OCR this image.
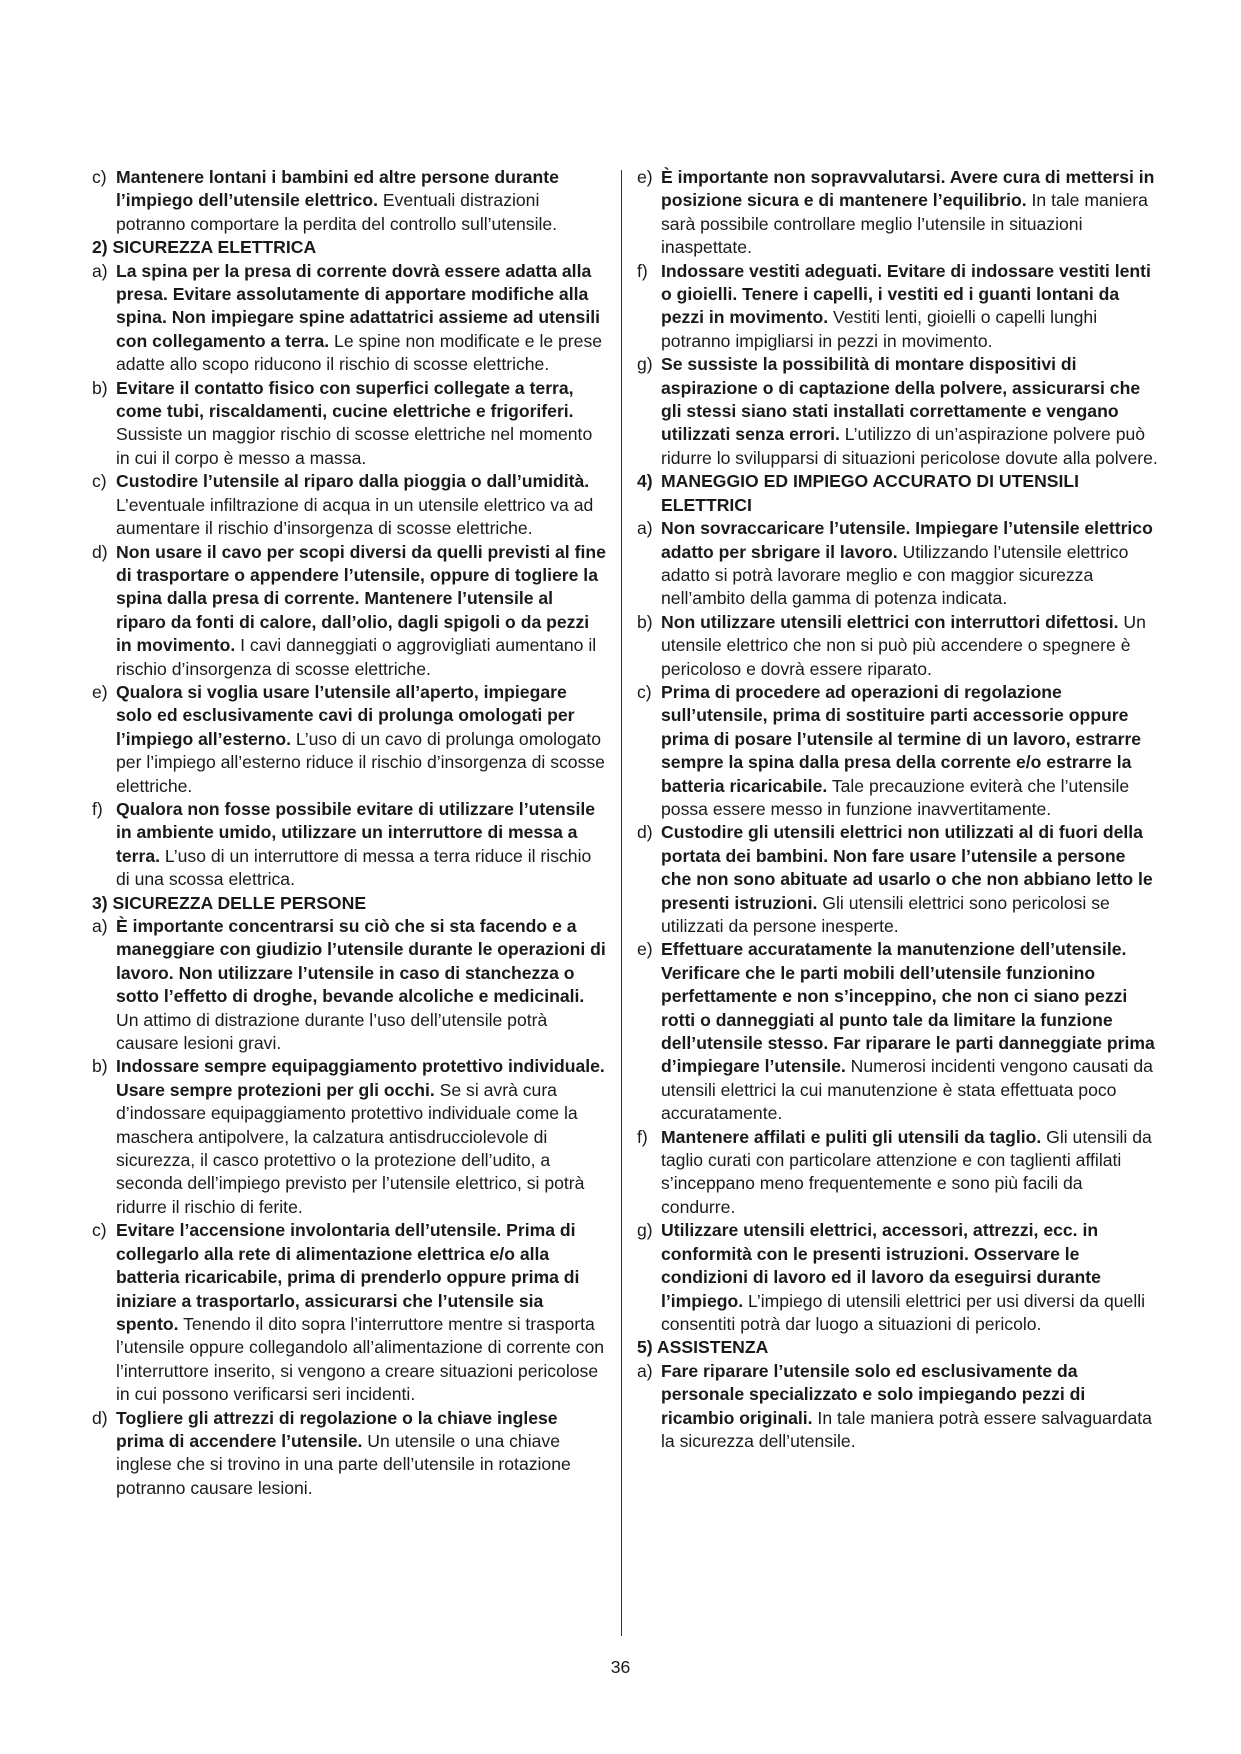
c) Mantenere lontani i bambini ed altre persone durante l’impiego dell’utensile elettrico. Eventuali distrazioni potranno comportare la perdita del controllo sull’utensile.
2) SICUREZZA ELETTRICA
a) La spina per la presa di corrente dovrà essere adatta alla presa. Evitare assolutamente di apportare modifiche alla spina. Non impiegare spine adattatrici assieme ad utensili con collegamento a terra. Le spine non modificate e le prese adatte allo scopo riducono il rischio di scosse elettriche.
b) Evitare il contatto fisico con superfici collegate a terra, come tubi, riscaldamenti, cucine elettriche e frigoriferi. Sussiste un maggior rischio di scosse elettriche nel momento in cui il corpo è messo a massa.
c) Custodire l’utensile al riparo dalla pioggia o dall’umidità. L’eventuale infiltrazione di acqua in un utensile elettrico va ad aumentare il rischio d’insorgenza di scosse elettriche.
d) Non usare il cavo per scopi diversi da quelli previsti al fine di trasportare o appendere l’utensile, oppure di togliere la spina dalla presa di corrente. Mantenere l’utensile al riparo da fonti di calore, dall’olio, dagli spigoli o da pezzi in movimento. I cavi danneggiati o aggrovigliati aumentano il rischio d’insorgenza di scosse elettriche.
e) Qualora si voglia usare l’utensile all’aperto, impiegare solo ed esclusivamente cavi di prolunga omologati per l’impiego all’esterno. L’uso di un cavo di prolunga omologato per l’impiego all’esterno riduce il rischio d’insorgenza di scosse elettriche.
f) Qualora non fosse possibile evitare di utilizzare l’utensile in ambiente umido, utilizzare un interruttore di messa a terra. L’uso di un interruttore di messa a terra riduce il rischio di una scossa elettrica.
3) SICUREZZA DELLE PERSONE
a) È importante concentrarsi su ciò che si sta facendo e a maneggiare con giudizio l’utensile durante le operazioni di lavoro. Non utilizzare l’utensile in caso di stanchezza o sotto l’effetto di droghe, bevande alcoliche e medicinali. Un attimo di distrazione durante l’uso dell’utensile potrà causare lesioni gravi.
b) Indossare sempre equipaggiamento protettivo individuale. Usare sempre protezioni per gli occhi. Se si avrà cura d’indossare equipaggiamento protettivo individuale come la maschera antipolvere, la calzatura antisdrucciolevole di sicurezza, il casco protettivo o la protezione dell’udito, a seconda dell’impiego previsto per l’utensile elettrico, si potrà ridurre il rischio di ferite.
c) Evitare l’accensione involontaria dell’utensile. Prima di collegarlo alla rete di alimentazione elettrica e/o alla batteria ricaricabile, prima di prenderlo oppure prima di iniziare a trasportarlo, assicurarsi che l’utensile sia spento. Tenendo il dito sopra l’interruttore mentre si trasporta l’utensile oppure collegandolo all’alimentazione di corrente con l’interruttore inserito, si vengono a creare situazioni pericolose in cui possono verificarsi seri incidenti.
d) Togliere gli attrezzi di regolazione o la chiave inglese prima di accendere l’utensile. Un utensile o una chiave inglese che si trovino in una parte dell’utensile in rotazione potranno causare lesioni.
e) È importante non sopravvalutarsi. Avere cura di mettersi in posizione sicura e di mantenere l’equilibrio. In tale maniera sarà possibile controllare meglio l’utensile in situazioni inaspettate.
f) Indossare vestiti adeguati. Evitare di indossare vestiti lenti o gioielli. Tenere i capelli, i vestiti ed i guanti lontani da pezzi in movimento. Vestiti lenti, gioielli o capelli lunghi potranno impigliarsi in pezzi in movimento.
g) Se sussiste la possibilità di montare dispositivi di aspirazione o di captazione della polvere, assicurarsi che gli stessi siano stati installati correttamente e vengano utilizzati senza errori. L’utilizzo di un’aspirazione polvere può ridurre lo svilupparsi di situazioni pericolose dovute alla polvere.
4) MANEGGIO ED IMPIEGO ACCURATO DI UTENSILI ELETTRICI
a) Non sovraccaricare l’utensile. Impiegare l’utensile elettrico adatto per sbrigare il lavoro. Utilizzando l’utensile elettrico adatto si potrà lavorare meglio e con maggior sicurezza nell’ambito della gamma di potenza indicata.
b) Non utilizzare utensili elettrici con interruttori difettosi. Un utensile elettrico che non si può più accendere o spegnere è pericoloso e dovrà essere riparato.
c) Prima di procedere ad operazioni di regolazione sull’utensile, prima di sostituire parti accessorie oppure prima di posare l’utensile al termine di un lavoro, estrarre sempre la spina dalla presa della corrente e/o estrarre la batteria ricaricabile. Tale precauzione eviterà che l’utensile possa essere messo in funzione inavvertitamente.
d) Custodire gli utensili elettrici non utilizzati al di fuori della portata dei bambini. Non fare usare l’utensile a persone che non sono abituate ad usarlo o che non abbiano letto le presenti istruzioni. Gli utensili elettrici sono pericolosi se utilizzati da persone inesperte.
e) Effettuare accuratamente la manutenzione dell’utensile. Verificare che le parti mobili dell’utensile funzionino perfettamente e non s’inceppino, che non ci siano pezzi rotti o danneggiati al punto tale da limitare la funzione dell’utensile stesso. Far riparare le parti danneggiate prima d’impiegare l’utensile. Numerosi incidenti vengono causati da utensili elettrici la cui manutenzione è stata effettuata poco accuratamente.
f) Mantenere affilati e puliti gli utensili da taglio. Gli utensili da taglio curati con particolare attenzione e con taglienti affilati s’inceppano meno frequentemente e sono più facili da condurre.
g) Utilizzare utensili elettrici, accessori, attrezzi, ecc. in conformità con le presenti istruzioni. Osservare le condizioni di lavoro ed il lavoro da eseguirsi durante l’impiego. L’impiego di utensili elettrici per usi diversi da quelli consentiti potrà dar luogo a situazioni di pericolo.
5) ASSISTENZA
a) Fare riparare l’utensile solo ed esclusivamente da personale specializzato e solo impiegando pezzi di ricambio originali. In tale maniera potrà essere salvaguardata la sicurezza dell’utensile.
36
